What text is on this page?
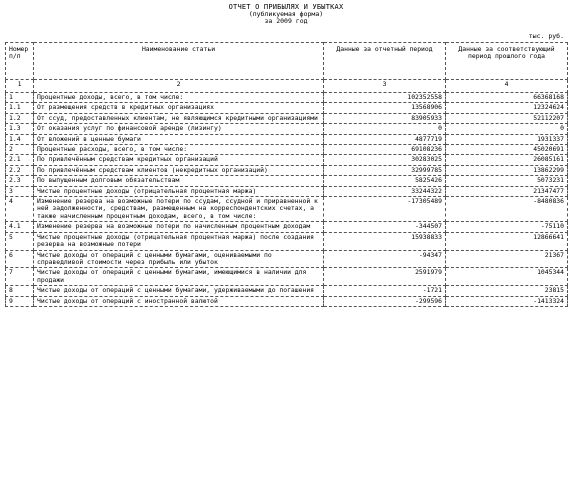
ОТЧЕТ О ПРИБЫЛЯХ И УБЫТКАХ
(публикуемая форма)
за 2009 год
тыс. руб.
Номер п/п	Наименование статьи	Данные за отчетный период	Данные за соответствующий период прошлого года
1	2	3	4
1	Процентные доходы, всего, в том числе:	102352558	66368168
1.1	От размещения средств в кредитных организациях	13568906	12324624
1.2	От ссуд, предоставленных клиентам, не являющимся кредитными организациями	83905933	52112207
1.3	От оказания услуг по финансовой аренде (лизингу)	0	0
1.4	От вложений в ценные бумаги	4877719	1931337
2	Процентные расходы, всего, в том числе:	69108236	45020691
2.1	По привлечённым средствам кредитных организаций	30283025	26085161
2.2	По привлечённым средствам клиентов (некредитных организаций)	32999785	13862299
2.3	По выпущенным долговым обязательствам	5825426	5073231
3	Чистые процентные доходы (отрицательная процентная маржа)	33244322	21347477
4	Изменение резерва на возможные потери по ссудам, ссудной и приравненной к ней задолженности, средствам, размещенным на корреспондентских счетах, а также начисленным процентным доходам, всего, в том числе:	-17305489	-8480836
4.1	Изменение резерва на возможные потери по начисленным процентным доходам	-344507	-75110
5	Чистые процентные доходы (отрицательная процентная маржа) после создания резерва на возможные потери	15938833	12866641
6	Чистые доходы от операций с ценными бумагами, оцениваемыми по справедливой стоимости через прибыль или убыток	-94347	21367
7	Чистые доходы от операций с ценными бумагами, имеющимися в наличии для продажи	2591979	1045344
8	Чистые доходы от операций с ценными бумагами, удерживаемыми до погашения	-1721	23815
9	Чистые доходы от операций с иностранной валютой	-299596	-1413324
